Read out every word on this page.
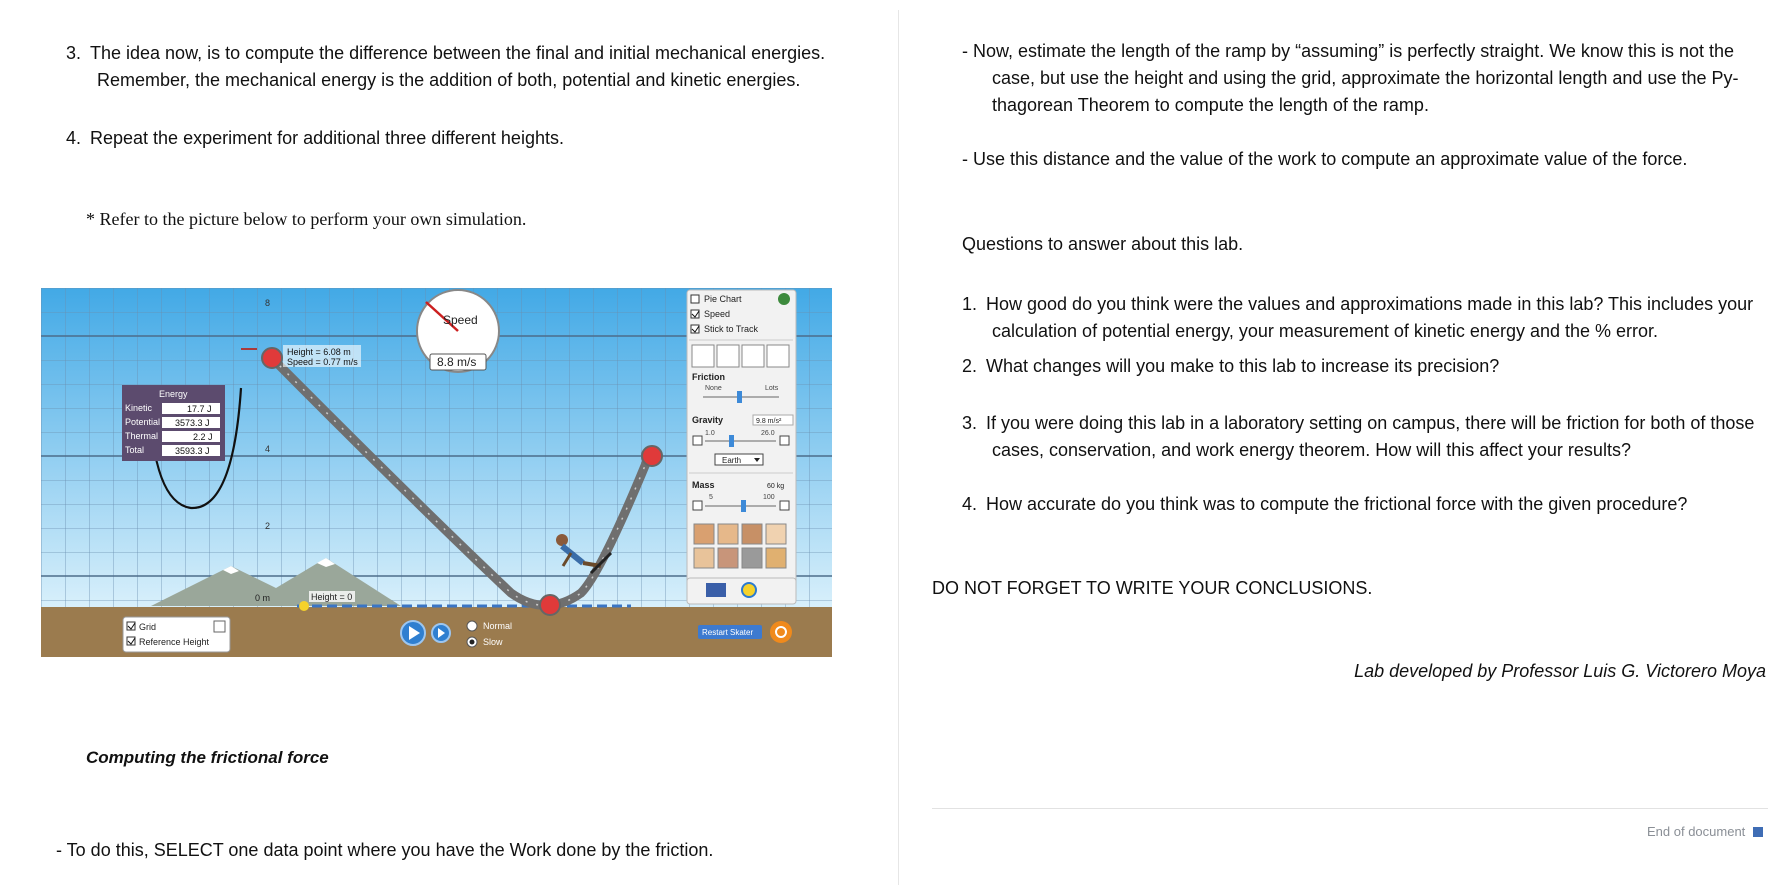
3. The idea now, is to compute the difference between the final and initial mechanical energies.
Remember, the mechanical energy is the addition of both, potential and kinetic energies.
4. Repeat the experiment for additional three different heights.
* Refer to the picture below to perform your own simulation.
8
4
2
0 m	Height = 0
Height = 6.08 m
Speed = 0.77 m/s
Speed
8.8 m/s
Energy
Kinetic	17.7 J
Potential 3573.3 J
Thermal	2.2 J
Total	3593.3 J
Pie Chart
Speed
Stick to Track
Friction
None	Lots
Gravity	9.8 m/s²
1.0	26.0
Earth
Mass	60 kg
5	100
Grid
Reference Height
Normal
Slow
Restart Skater
Computing the frictional force
- To do this, SELECT one data point where you have the Work done by the friction.
- Now, estimate the length of the ramp by “assuming” is perfectly straight. We know this is not the
case, but use the height and using the grid, approximate the horizontal length and use the Py-
thagorean Theorem to compute the length of the ramp.
- Use this distance and the value of the work to compute an approximate value of the force.
Questions to answer about this lab.
1. How good do you think were the values and approximations made in this lab? This includes your
calculation of potential energy, your measurement of kinetic energy and the % error.
2. What changes will you make to this lab to increase its precision?
3. If you were doing this lab in a laboratory setting on campus, there will be friction for both of those
cases, conservation, and work energy theorem. How will this affect your results?
4. How accurate do you think was to compute the frictional force with the given procedure?
DO NOT FORGET TO WRITE YOUR CONCLUSIONS.
Lab developed by Professor Luis G. Victorero Moya
End of document
